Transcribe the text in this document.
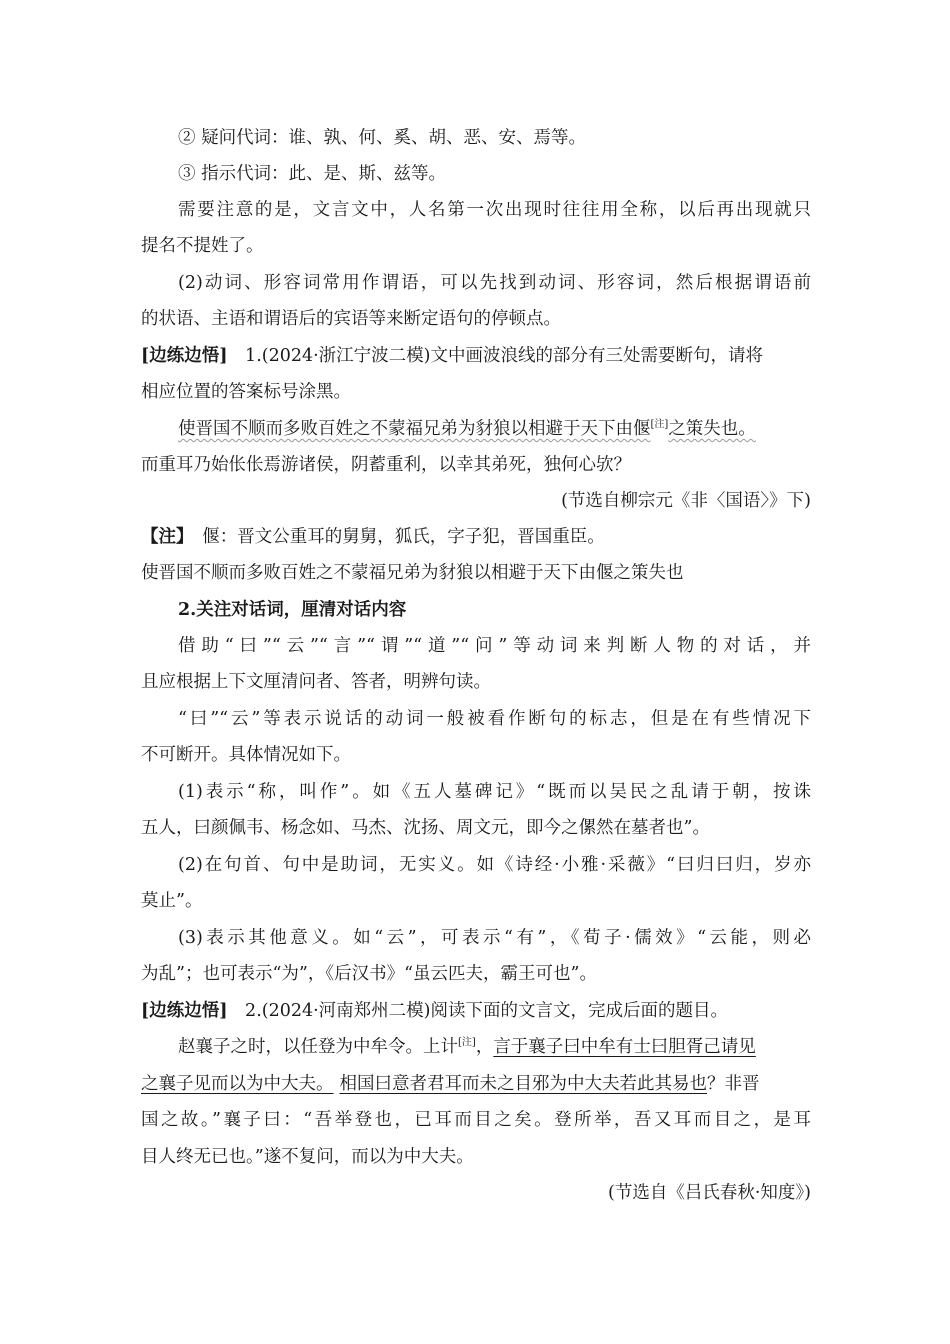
② 疑问代词：谁、孰、何、奚、胡、恶、安、焉等。
③ 指示代词：此、是、斯、兹等。
需要注意的是，文言文中，人名第一次出现时往往用全称，以后再出现就只
提名不提姓了。
(2)动词、形容词常用作谓语，可以先找到动词、形容词，然后根据谓语前
的状语、主语和谓语后的宾语等来断定语句的停顿点。
[边练边悟]　1.(2024·浙江宁波二模)文中画波浪线的部分有三处需要断句，请将
相应位置的答案标号涂黑。
使晋国不顺而多败百姓之不蒙福兄弟为豺狼以相避于天下由偃[注]之策失也。
而重耳乃始伥伥焉游诸侯，阴蓄重利，以幸其弟死，独何心欤？
(节选自柳宗元《非〈国语〉》下)
【注】  偃：晋文公重耳的舅舅，狐氏，字子犯，晋国重臣。
使晋国不顺而多败百姓之不蒙福兄弟为豺狼以相避于天下由偃之策失也
2.关注对话词，厘清对话内容
借助“曰”“云”“言”“谓”“道”“问”等动词来判断人物的对话，并
且应根据上下文厘清问者、答者，明辨句读。
“曰”“云”等表示说话的动词一般被看作断句的标志，但是在有些情况下
不可断开。具体情况如下。
(1)表示“称，叫作”。如《五人墓碑记》“既而以吴民之乱请于朝，按诛
五人，曰颜佩韦、杨念如、马杰、沈扬、周文元，即今之傫然在墓者也”。
(2)在句首、句中是助词，无实义。如《诗经·小雅·采薇》“曰归曰归，岁亦
莫止”。
(3)表示其他意义。如“云”，可表示“有”，《荀子·儒效》“云能，则必
为乱”；也可表示“为”，《后汉书》“虽云匹夫，霸王可也”。
[边练边悟]　2.(2024·河南郑州二模)阅读下面的文言文，完成后面的题目。
赵襄子之时，以任登为中牟令。上计[注]，言于襄子曰中牟有士曰胆胥己请见
之襄子见而以为中大夫。 相国曰意者君耳而未之目邪为中大夫若此其易也？非晋
国之故。”襄子曰：“吾举登也，已耳而目之矣。登所举，吾又耳而目之，是耳
目人终无已也。”遂不复问，而以为中大夫。
(节选自《吕氏春秋·知度》)
